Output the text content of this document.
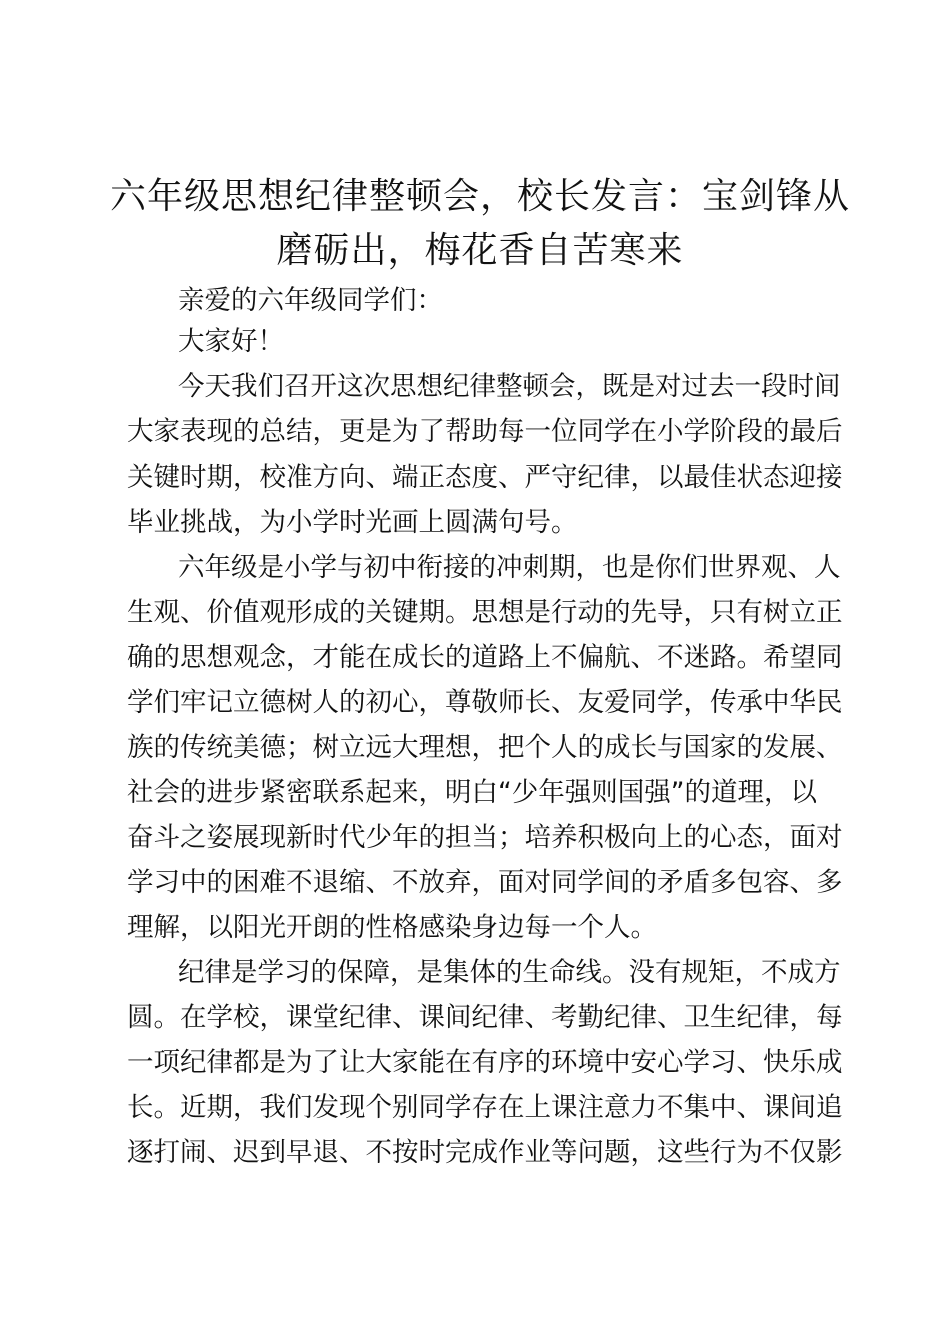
六年级思想纪律整顿会，校长发言：宝剑锋从
磨砺出，梅花香自苦寒来
亲爱的六年级同学们：
大家好！
今天我们召开这次思想纪律整顿会，既是对过去一段时间
大家表现的总结，更是为了帮助每一位同学在小学阶段的最后
关键时期，校准方向、端正态度、严守纪律，以最佳状态迎接
毕业挑战，为小学时光画上圆满句号。
六年级是小学与初中衔接的冲刺期，也是你们世界观、人
生观、价值观形成的关键期。思想是行动的先导，只有树立正
确的思想观念，才能在成长的道路上不偏航、不迷路。希望同
学们牢记立德树人的初心，尊敬师长、友爱同学，传承中华民
族的传统美德；树立远大理想，把个人的成长与国家的发展、
社会的进步紧密联系起来，明白“少年强则国强”的道理，以
奋斗之姿展现新时代少年的担当；培养积极向上的心态，面对
学习中的困难不退缩、不放弃，面对同学间的矛盾多包容、多
理解，以阳光开朗的性格感染身边每一个人。
纪律是学习的保障，是集体的生命线。没有规矩，不成方
圆。在学校，课堂纪律、课间纪律、考勤纪律、卫生纪律，每
一项纪律都是为了让大家能在有序的环境中安心学习、快乐成
长。近期，我们发现个别同学存在上课注意力不集中、课间追
逐打闹、迟到早退、不按时完成作业等问题，这些行为不仅影
